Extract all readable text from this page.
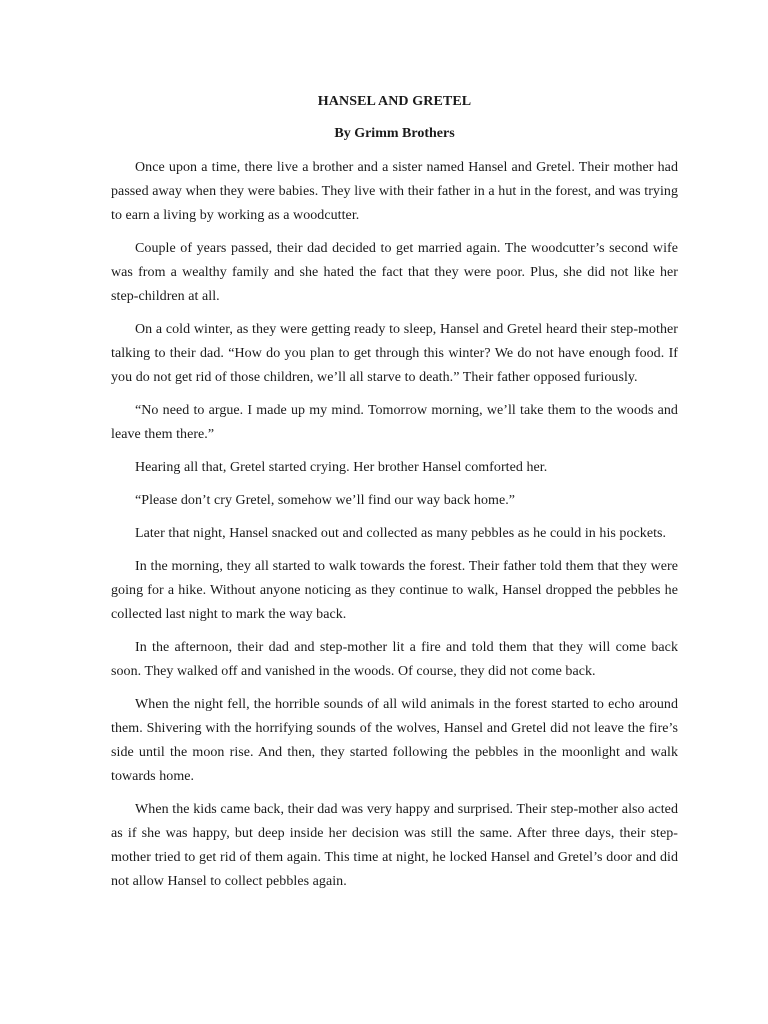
HANSEL AND GRETEL
By Grimm Brothers

Once upon a time, there live a brother and a sister named Hansel and Gretel. Their mother had passed away when they were babies. They live with their father in a hut in the forest, and was trying to earn a living by working as a woodcutter.

Couple of years passed, their dad decided to get married again. The woodcutter’s second wife was from a wealthy family and she hated the fact that they were poor. Plus, she did not like her step-children at all.

On a cold winter, as they were getting ready to sleep, Hansel and Gretel heard their step-mother talking to their dad. “How do you plan to get through this winter? We do not have enough food. If you do not get rid of those children, we’ll all starve to death.” Their father opposed furiously.

“No need to argue. I made up my mind. Tomorrow morning, we’ll take them to the woods and leave them there.”

Hearing all that, Gretel started crying. Her brother Hansel comforted her.

“Please don’t cry Gretel, somehow we’ll find our way back home.”

Later that night, Hansel snacked out and collected as many pebbles as he could in his pockets.

In the morning, they all started to walk towards the forest. Their father told them that they were going for a hike. Without anyone noticing as they continue to walk, Hansel dropped the pebbles he collected last night to mark the way back.

In the afternoon, their dad and step-mother lit a fire and told them that they will come back soon. They walked off and vanished in the woods. Of course, they did not come back.

When the night fell, the horrible sounds of all wild animals in the forest started to echo around them. Shivering with the horrifying sounds of the wolves, Hansel and Gretel did not leave the fire’s side until the moon rise. And then, they started following the pebbles in the moonlight and walk towards home.

When the kids came back, their dad was very happy and surprised. Their step-mother also acted as if she was happy, but deep inside her decision was still the same. After three days, their step-mother tried to get rid of them again. This time at night, he locked Hansel and Gretel’s door and did not allow Hansel to collect pebbles again.
